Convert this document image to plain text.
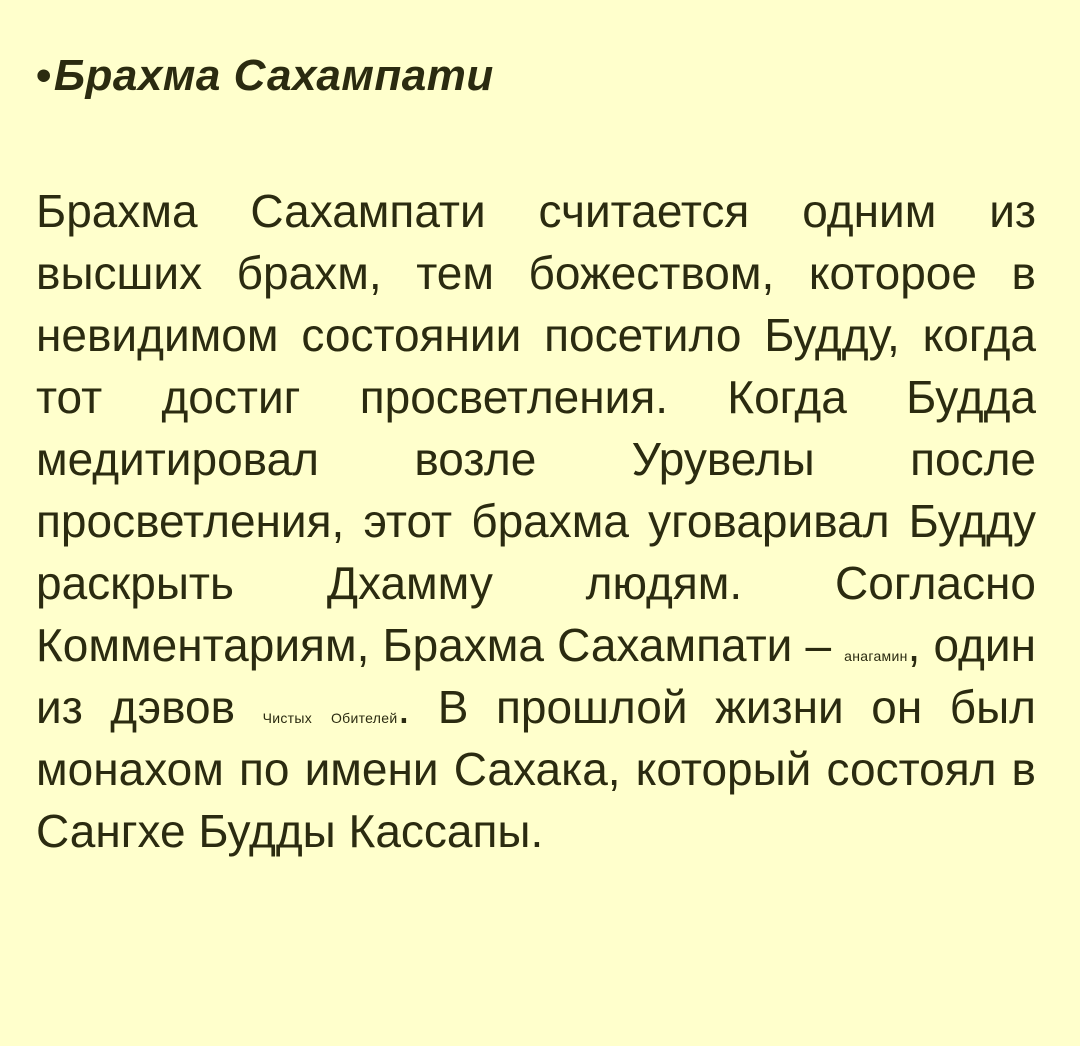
•Брахма Сахампати

Брахма Сахампати считается одним из высших брахм, тем божеством, которое в невидимом состоянии посетило Будду, когда тот достиг просветления. Когда Будда медитировал возле Урувелы после просветления, этот брахма уговаривал Будду раскрыть Дхамму людям. Согласно Комментариям, Брахма Сахампати – анагамин, один из дэвов Чистых Обителей. В прошлой жизни он был монахом по имени Сахака, который состоял в Сангхе Будды Кассапы.
